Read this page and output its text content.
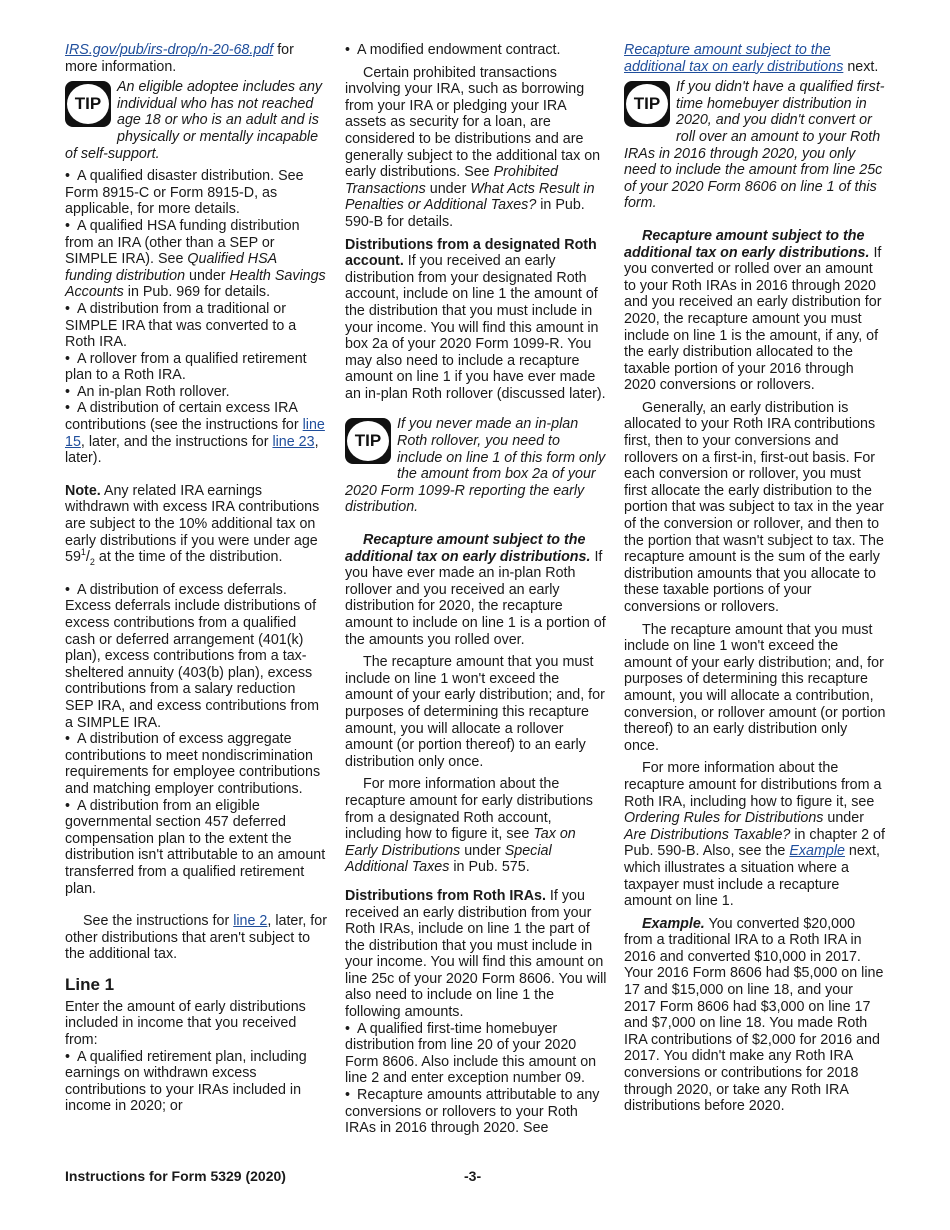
IRS.gov/pub/irs-drop/n-20-68.pdf for more information.

TIP
An eligible adoptee includes any individual who has not reached age 18 or who is an adult and is physically or mentally incapable of self-support.

• A qualified disaster distribution. See Form 8915-C or Form 8915-D, as applicable, for more details.

• A qualified HSA funding distribution from an IRA (other than a SEP or SIMPLE IRA). See Qualified HSA funding distribution under Health Savings Accounts in Pub. 969 for details.

• A distribution from a traditional or SIMPLE IRA that was converted to a Roth IRA.

• A rollover from a qualified retirement plan to a Roth IRA.

• An in-plan Roth rollover.

• A distribution of certain excess IRA contributions (see the instructions for line 15, later, and the instructions for line 23, later).

Note. Any related IRA earnings withdrawn with excess IRA contributions are subject to the 10% additional tax on early distributions if you were under age $59^1/_2$ at the time of the distribution.

• A distribution of excess deferrals. Excess deferrals include distributions of excess contributions from a qualified cash or deferred arrangement (401(k) plan), excess contributions from a tax-sheltered annuity (403(b) plan), excess contributions from a salary reduction SEP IRA, and excess contributions from a SIMPLE IRA.

• A distribution of excess aggregate contributions to meet nondiscrimination requirements for employee contributions and matching employer contributions.

• A distribution from an eligible governmental section 457 deferred compensation plan to the extent the distribution isn't attributable to an amount transferred from a qualified retirement plan.

See the instructions for line 2, later, for other distributions that aren't subject to the additional tax.

Line 1

Enter the amount of early distributions included in income that you received from:

• A qualified retirement plan, including earnings on withdrawn excess contributions to your IRAs included in income in 2020; or

• A modified endowment contract.

Certain prohibited transactions involving your IRA, such as borrowing from your IRA or pledging your IRA assets as security for a loan, are considered to be distributions and are generally subject to the additional tax on early distributions. See Prohibited Transactions under What Acts Result in Penalties or Additional Taxes? in Pub. 590-B for details.

Distributions from a designated Roth account. If you received an early distribution from your designated Roth account, include on line 1 the amount of the distribution that you must include in your income. You will find this amount in box 2a of your 2020 Form 1099-R. You may also need to include a recapture amount on line 1 if you have ever made an in-plan Roth rollover (discussed later).

TIP
If you never made an in-plan Roth rollover, you need to include on line 1 of this form only the amount from box 2a of your 2020 Form 1099-R reporting the early distribution.

Recapture amount subject to the additional tax on early distributions. If you have ever made an in-plan Roth rollover and you received an early distribution for 2020, the recapture amount to include on line 1 is a portion of the amounts you rolled over.

The recapture amount that you must include on line 1 won't exceed the amount of your early distribution; and, for purposes of determining this recapture amount, you will allocate a rollover amount (or portion thereof) to an early distribution only once.

For more information about the recapture amount for early distributions from a designated Roth account, including how to figure it, see Tax on Early Distributions under Special Additional Taxes in Pub. 575.

Distributions from Roth IRAs. If you received an early distribution from your Roth IRAs, include on line 1 the part of the distribution that you must include in your income. You will find this amount on line 25c of your 2020 Form 8606. You will also need to include on line 1 the following amounts.

• A qualified first-time homebuyer distribution from line 20 of your 2020 Form 8606. Also include this amount on line 2 and enter exception number 09.

• Recapture amounts attributable to any conversions or rollovers to your Roth IRAs in 2016 through 2020. See

Recapture amount subject to the additional tax on early distributions next.

TIP
If you didn't have a qualified first-time homebuyer distribution in 2020, and you didn't convert or roll over an amount to your Roth IRAs in 2016 through 2020, you only need to include the amount from line 25c of your 2020 Form 8606 on line 1 of this form.

Recapture amount subject to the additional tax on early distributions. If you converted or rolled over an amount to your Roth IRAs in 2016 through 2020 and you received an early distribution for 2020, the recapture amount you must include on line 1 is the amount, if any, of the early distribution allocated to the taxable portion of your 2016 through 2020 conversions or rollovers.

Generally, an early distribution is allocated to your Roth IRA contributions first, then to your conversions and rollovers on a first-in, first-out basis. For each conversion or rollover, you must first allocate the early distribution to the portion that was subject to tax in the year of the conversion or rollover, and then to the portion that wasn't subject to tax. The recapture amount is the sum of the early distribution amounts that you allocate to these taxable portions of your conversions or rollovers.

The recapture amount that you must include on line 1 won't exceed the amount of your early distribution; and, for purposes of determining this recapture amount, you will allocate a contribution, conversion, or rollover amount (or portion thereof) to an early distribution only once.

For more information about the recapture amount for distributions from a Roth IRA, including how to figure it, see Ordering Rules for Distributions under Are Distributions Taxable? in chapter 2 of Pub. 590-B. Also, see the Example next, which illustrates a situation where a taxpayer must include a recapture amount on line 1.

Example. You converted $20,000 from a traditional IRA to a Roth IRA in 2016 and converted $10,000 in 2017. Your 2016 Form 8606 had $5,000 on line 17 and $15,000 on line 18, and your 2017 Form 8606 had $3,000 on line 17 and $7,000 on line 18. You made Roth IRA contributions of $2,000 for 2016 and 2017. You didn't make any Roth IRA conversions or contributions for 2018 through 2020, or take any Roth IRA distributions before 2020.

Instructions for Form 5329 (2020)	-3-
